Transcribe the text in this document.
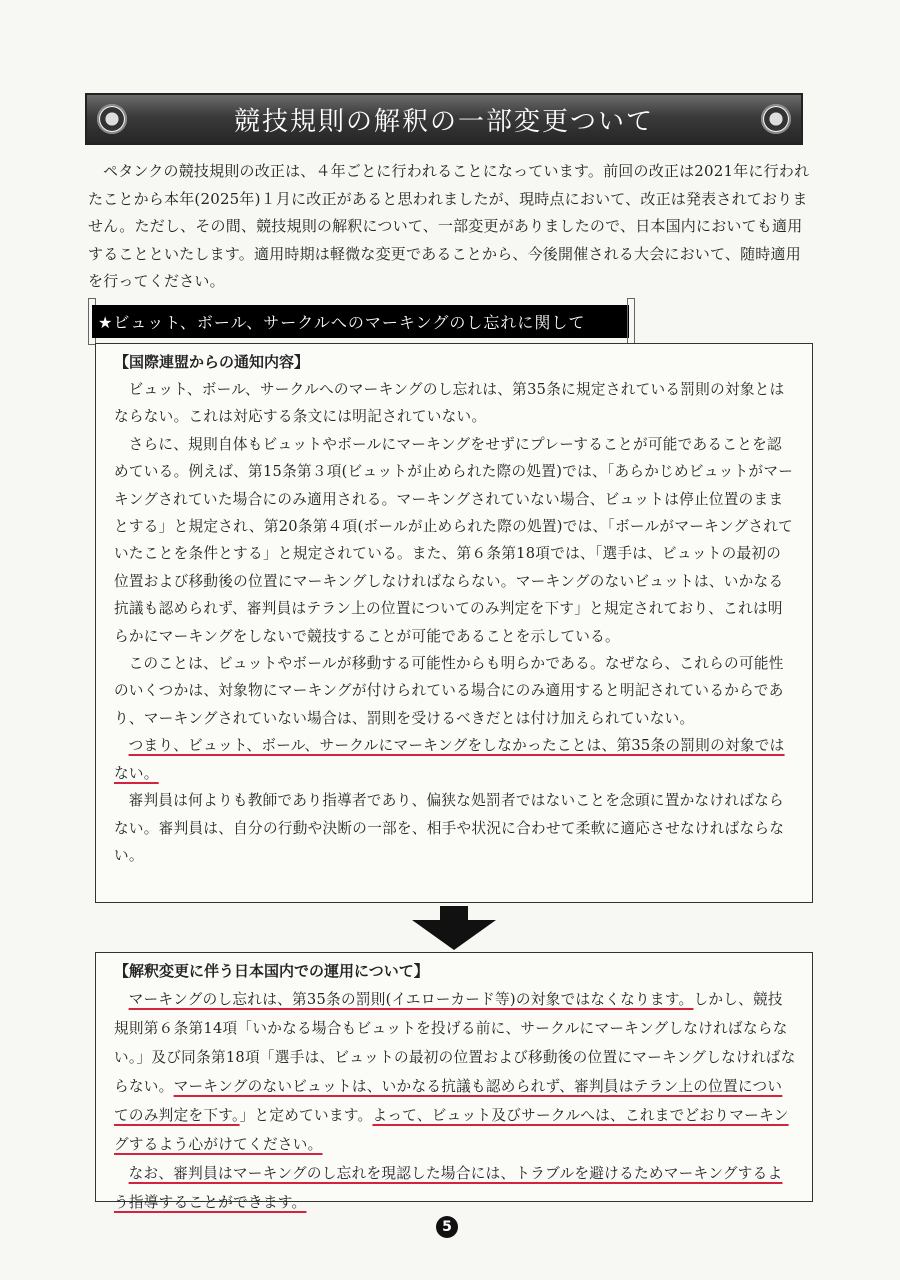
競技規則の解釈の一部変更ついて

ペタンクの競技規則の改正は、４年ごとに行われることになっています。前回の改正は2021年に行われたことから本年(2025年)１月に改正があると思われましたが、現時点において、改正は発表されておりません。ただし、その間、競技規則の解釈について、一部変更がありましたので、日本国内においても適用することといたします。適用時期は軽微な変更であることから、今後開催される大会において、随時適用を行ってください。

★ビュット、ボール、サークルへのマーキングのし忘れに関して
【国際連盟からの通知内容】

ビュット、ボール、サークルへのマーキングのし忘れは、第35条に規定されている罰則の対象とはならない。これは対応する条文には明記されていない。

さらに、規則自体もビュットやボールにマーキングをせずにプレーすることが可能であることを認めている。例えば、第15条第３項(ビュットが止められた際の処置)では、「あらかじめビュットがマーキングされていた場合にのみ適用される。マーキングされていない場合、ビュットは停止位置のままとする」と規定され、第20条第４項(ボールが止められた際の処置)では、「ボールがマーキングされていたことを条件とする」と規定されている。また、第６条第18項では、「選手は、ビュットの最初の位置および移動後の位置にマーキングしなければならない。マーキングのないビュットは、いかなる抗議も認められず、審判員はテラン上の位置についてのみ判定を下す」と規定されており、これは明らかにマーキングをしないで競技することが可能であることを示している。

このことは、ビュットやボールが移動する可能性からも明らかである。なぜなら、これらの可能性のいくつかは、対象物にマーキングが付けられている場合にのみ適用すると明記されているからであり、マーキングされていない場合は、罰則を受けるべきだとは付け加えられていない。

つまり、ビュット、ボール、サークルにマーキングをしなかったことは、第35条の罰則の対象ではない。

審判員は何よりも教師であり指導者であり、偏狭な処罰者ではないことを念頭に置かなければならない。審判員は、自分の行動や決断の一部を、相手や状況に合わせて柔軟に適応させなければならない。

【解釈変更に伴う日本国内での運用について】

マーキングのし忘れは、第35条の罰則(イエローカード等)の対象ではなくなります。しかし、競技規則第６条第14項「いかなる場合もビュットを投げる前に、サークルにマーキングしなければならない。」及び同条第18項「選手は、ビュットの最初の位置および移動後の位置にマーキングしなければならない。マーキングのないビュットは、いかなる抗議も認められず、審判員はテラン上の位置についてのみ判定を下す。」と定めています。よって、ビュット及びサークルへは、これまでどおりマーキングするよう心がけてください。

なお、審判員はマーキングのし忘れを現認した場合には、トラブルを避けるためマーキングするよう指導することができます。

5
